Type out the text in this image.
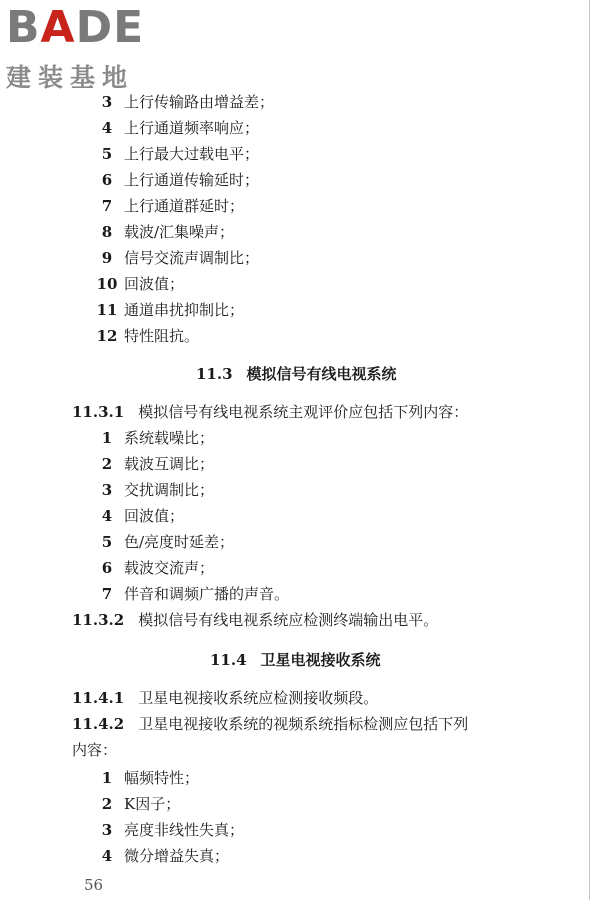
BADE
建装基地
3 上行传输路由增益差；
4 上行通道频率响应；
5 上行最大过载电平；
6 上行通道传输延时；
7 上行通道群延时；
8 载波/汇集噪声；
9 信号交流声调制比；
10 回波值；
11 通道串扰抑制比；
12 特性阻抗。
11.3 模拟信号有线电视系统
11.3.1 模拟信号有线电视系统主观评价应包括下列内容：
1 系统载噪比；
2 载波互调比；
3 交扰调制比；
4 回波值；
5 色/亮度时延差；
6 载波交流声；
7 伴音和调频广播的声音。
11.3.2 模拟信号有线电视系统应检测终端输出电平。
11.4 卫星电视接收系统
11.4.1 卫星电视接收系统应检测接收频段。
11.4.2 卫星电视接收系统的视频系统指标检测应包括下列
内容：
1 幅频特性；
2 K因子；
3 亮度非线性失真；
4 微分增益失真；
56
